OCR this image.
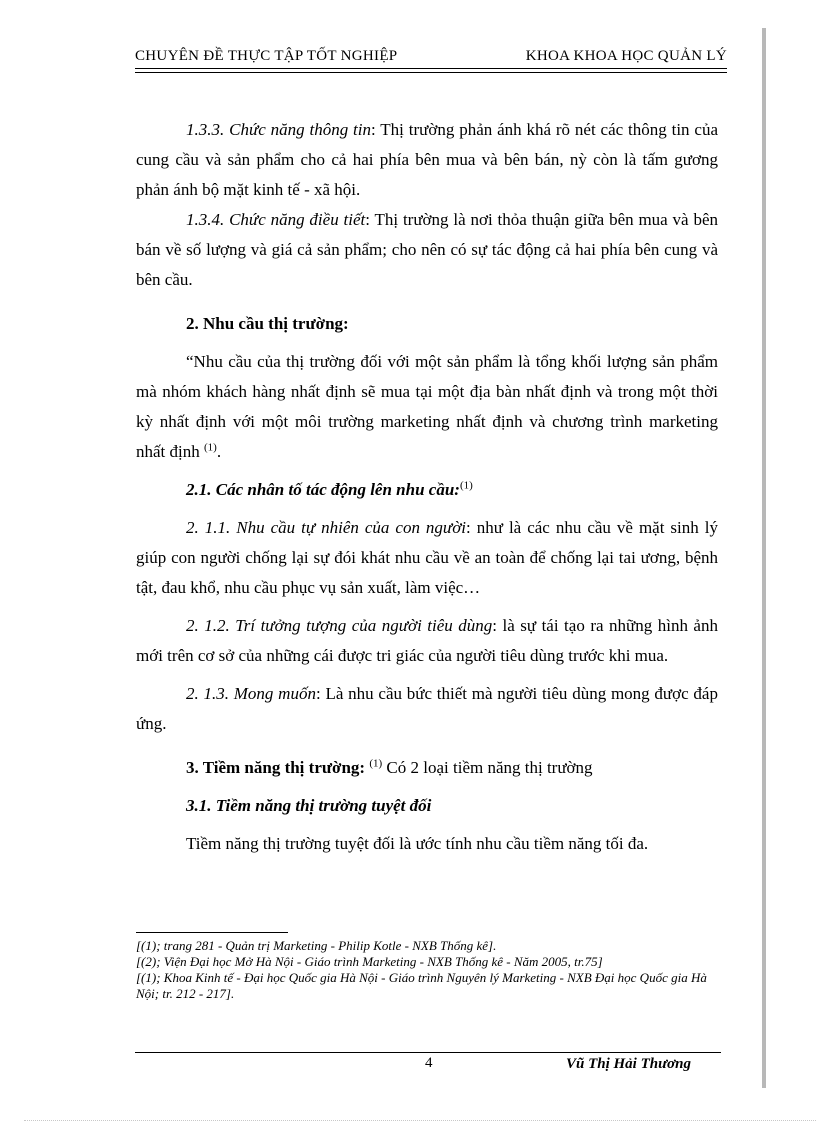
CHUYÊN ĐỀ THỰC TẬP TỐT NGHIỆP	KHOA KHOA HỌC QUẢN LÝ

1.3.3. Chức năng thông tin: Thị trường phản ánh khá rõ nét các thông tin của cung cầu và sản phẩm cho cả hai phía bên mua và bên bán, nỳ còn là tấm gương phản ánh bộ mặt kinh tế - xã hội.

1.3.4. Chức năng điều tiết: Thị trường là nơi thỏa thuận giữa bên mua và bên bán về số lượng và giá cả sản phẩm; cho nên có sự tác động cả hai phía bên cung và bên cầu.

2. Nhu cầu thị trường:

“Nhu cầu của thị trường đối với một sản phẩm là tổng khối lượng sản phẩm mà nhóm khách hàng nhất định sẽ mua tại một địa bàn nhất định và trong một thời kỳ nhất định với một môi trường marketing nhất định và chương trình marketing nhất định $^{(1)}$.

2.1. Các nhân tố tác động lên nhu cầu:$^{(1)}$

2. 1.1. Nhu cầu tự nhiên của con người: như là các nhu cầu về mặt sinh lý giúp con người chống lại sự đói khát nhu cầu về an toàn để chống lại tai ương, bệnh tật, đau khổ, nhu cầu phục vụ sản xuất, làm việc…

2. 1.2. Trí tưởng tượng của người tiêu dùng: là sự tái tạo ra những hình ảnh mới trên cơ sở của những cái được tri giác của người tiêu dùng trước khi mua.

2. 1.3. Mong muốn: Là nhu cầu bức thiết mà người tiêu dùng mong được đáp ứng.

3. Tiềm năng thị trường: $^{(1)}$ Có 2 loại tiềm năng thị trường

3.1. Tiềm năng thị trường tuyệt đối

Tiềm năng thị trường tuyệt đối là ước tính nhu cầu tiềm năng tối đa.

[(1); trang 281 - Quản trị Marketing - Philip Kotle - NXB Thống kê].
[(2); Viện Đại học Mở Hà Nội - Giáo trình Marketing - NXB Thống kê - Năm 2005, tr.75]
[(1); Khoa Kinh tế - Đại học Quốc gia Hà Nội - Giáo trình Nguyên lý Marketing - NXB Đại học Quốc gia Hà Nội; tr. 212 - 217].
4	Vũ Thị Hải Thương
